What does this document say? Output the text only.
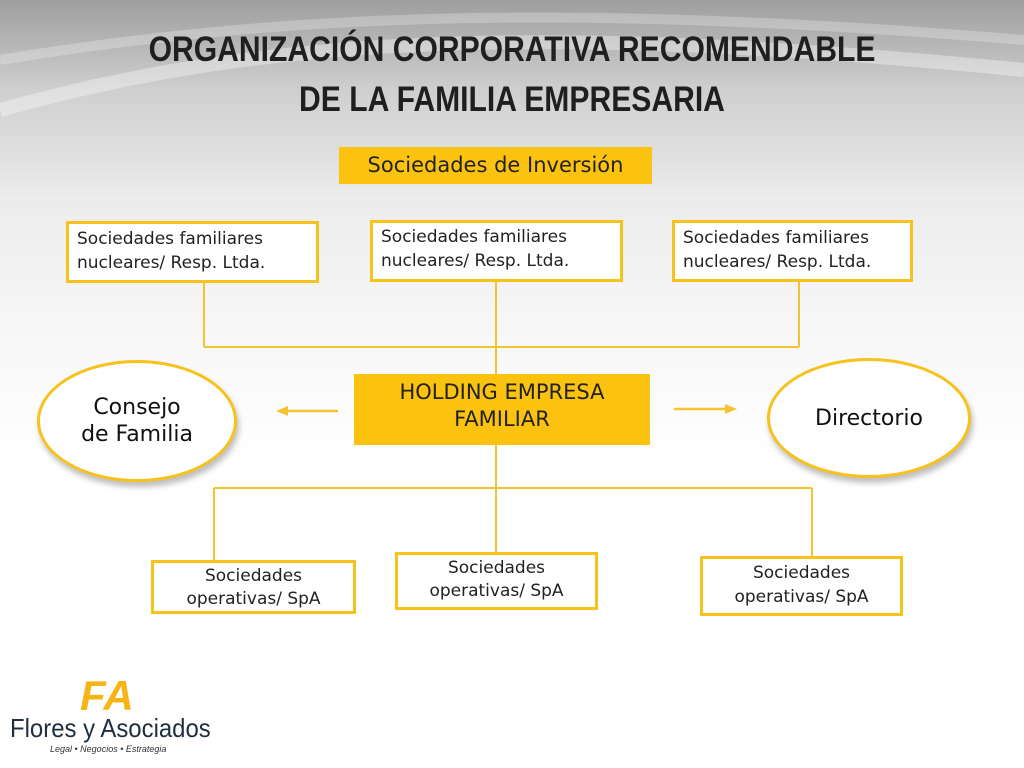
ORGANIZACIÓN CORPORATIVA RECOMENDABLE
DE LA FAMILIA EMPRESARIA
Sociedades de Inversión
Sociedades familiares
nucleares/ Resp. Ltda.
Sociedades familiares
nucleares/ Resp. Ltda.
Sociedades familiares
nucleares/ Resp. Ltda.
HOLDING EMPRESA
FAMILIAR
Consejo
de Familia
Directorio
Sociedades
operativas/ SpA
Sociedades
operativas/ SpA
Sociedades
operativas/ SpA
FA
Flores y Asociados
Legal • Negocios • Estrategia
